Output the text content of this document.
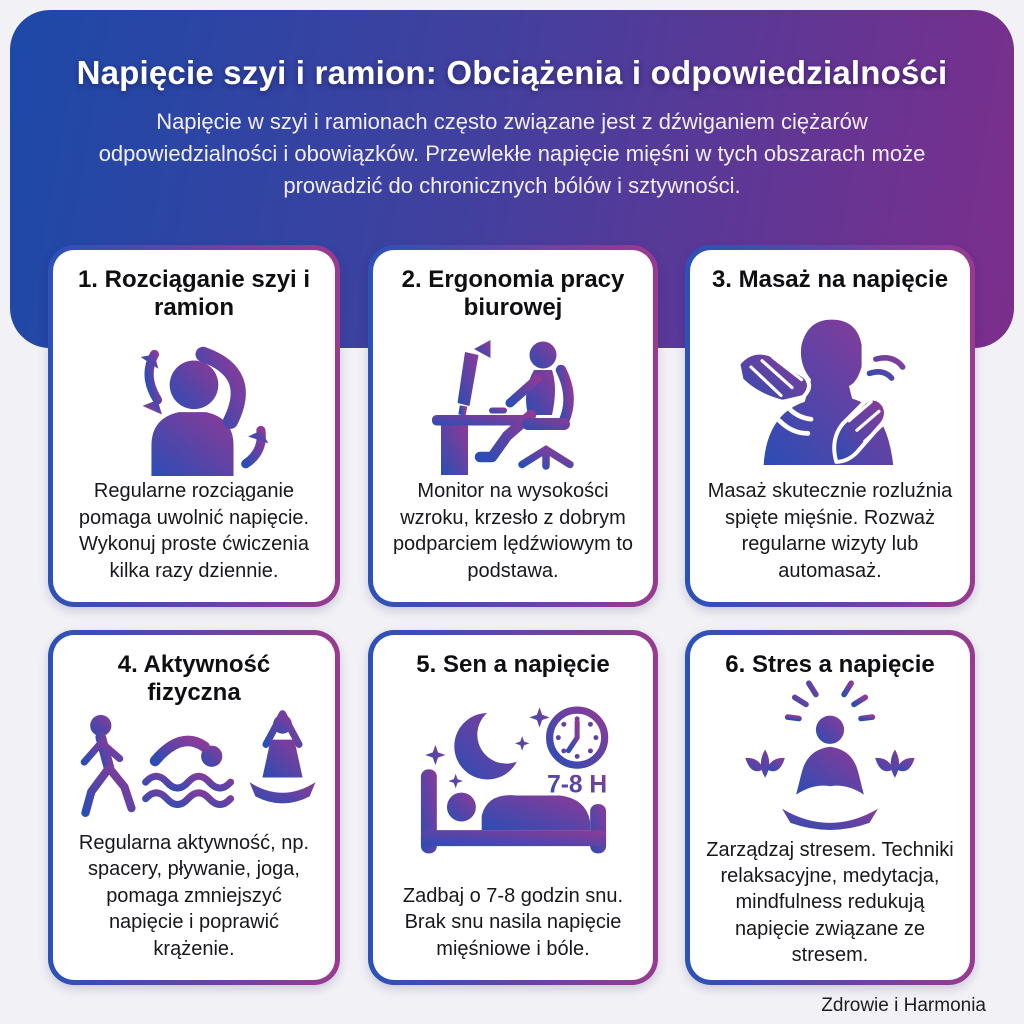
Napięcie szyi i ramion: Obciążenia i odpowiedzialności

Napięcie w szyi i ramionach często związane jest z dźwiganiem ciężarów odpowiedzialności i obowiązków. Przewlekłe napięcie mięśni w tych obszarach może prowadzić do chronicznych bólów i sztywności.

1. Rozciąganie szyi i ramion

Regularne rozciąganie pomaga uwolnić napięcie. Wykonuj proste ćwiczenia kilka razy dziennie.

2. Ergonomia pracy biurowej

Monitor na wysokości wzroku, krzesło z dobrym podparciem lędźwiowym to podstawa.

3. Masaż na napięcie

Masaż skutecznie rozluźnia spięte mięśnie. Rozważ regularne wizyty lub automasaż.

4. Aktywność fizyczna

Regularna aktywność, np. spacery, pływanie, joga, pomaga zmniejszyć napięcie i poprawić krążenie.

5. Sen a napięcie
7-8 H

Zadbaj o 7-8 godzin snu. Brak snu nasila napięcie mięśniowe i bóle.

6. Stres a napięcie

Zarządzaj stresem. Techniki relaksacyjne, medytacja, mindfulness redukują napięcie związane ze stresem.

Zdrowie i Harmonia
